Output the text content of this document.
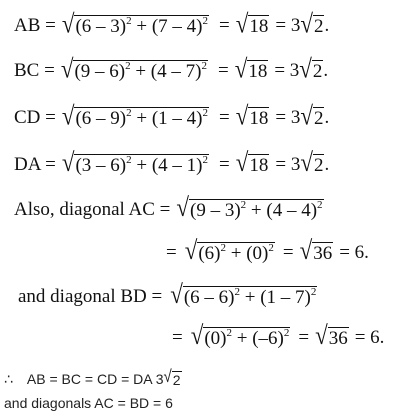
AB = √ (6 – 3)$^2$ + (7 – 4)$^2$ = √ 18 = 3 √ 2 .
BC = √ (9 – 6)$^2$ + (4 – 7)$^2$ = √ 18 = 3 √ 2 .
CD = √ (6 – 9)$^2$ + (1 – 4)$^2$ = √ 18 = 3 √ 2 .
DA = √ (3 – 6)$^2$ + (4 – 1)$^2$ = √ 18 = 3 √ 2 .
Also, diagonal AC = √ (9 – 3)$^2$ + (4 – 4)$^2$
= √ $(6)^2 + (0)^2$ = √ 36 = 6.
and diagonal BD = √ (6 – 6)$^2$ + (1 – 7)$^2$
= √ $(0)^2 + (-6)^2$ = √ 36 = 6.
∴ AB = BC = CD = DA 3 √ 2
and diagonals AC = BD = 6
